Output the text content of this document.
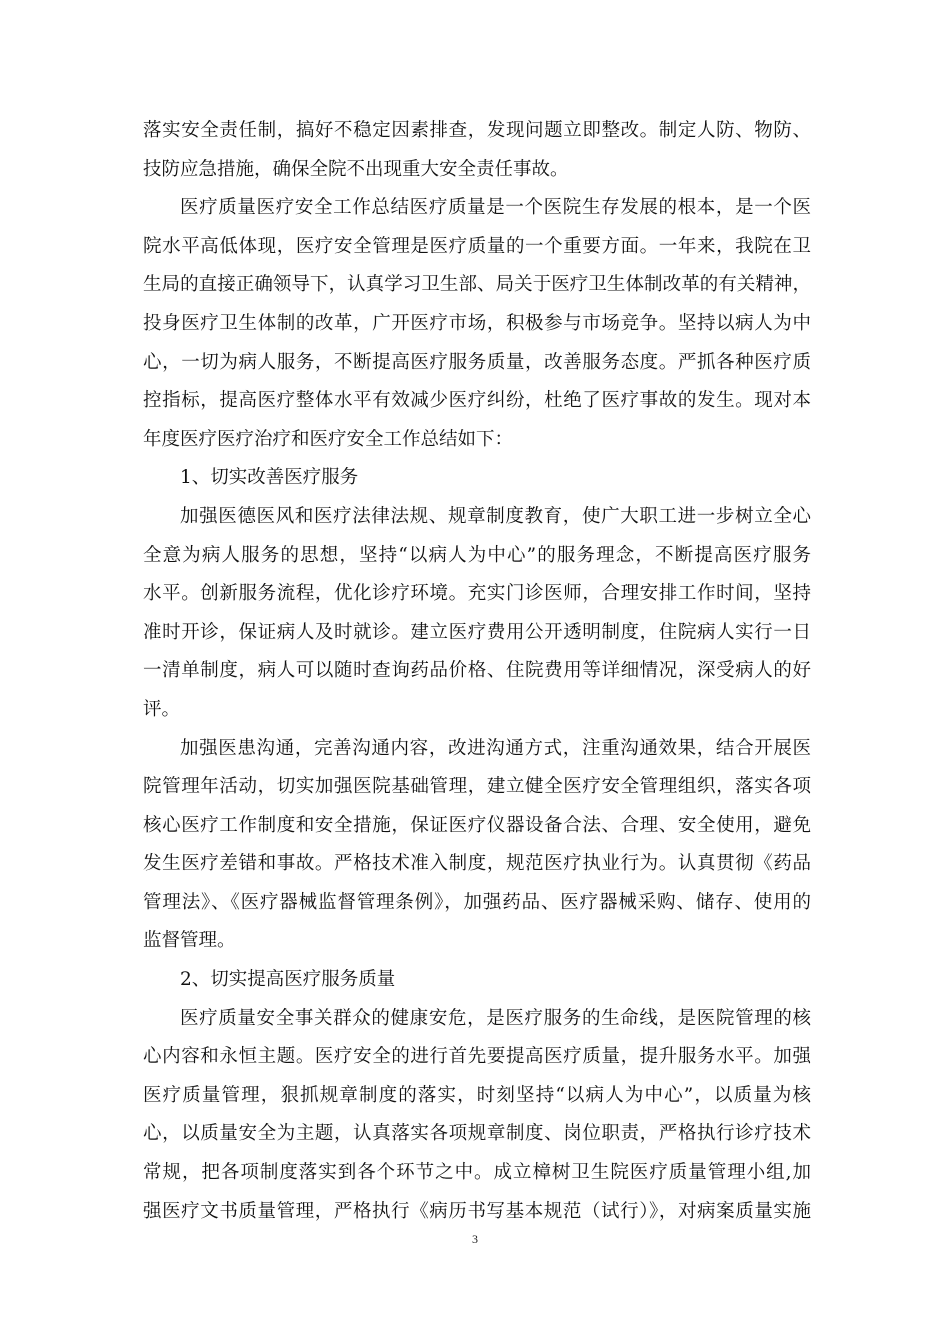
落实安全责任制，搞好不稳定因素排查，发现问题立即整改。制定人防、物防、
技防应急措施，确保全院不出现重大安全责任事故。
医疗质量医疗安全工作总结医疗质量是一个医院生存发展的根本，是一个医
院水平高低体现，医疗安全管理是医疗质量的一个重要方面。一年来，我院在卫
生局的直接正确领导下，认真学习卫生部、局关于医疗卫生体制改革的有关精神，
投身医疗卫生体制的改革，广开医疗市场，积极参与市场竞争。坚持以病人为中
心，一切为病人服务，不断提高医疗服务质量，改善服务态度。严抓各种医疗质
控指标，提高医疗整体水平有效减少医疗纠纷，杜绝了医疗事故的发生。现对本
年度医疗医疗治疗和医疗安全工作总结如下：
1、切实改善医疗服务
加强医德医风和医疗法律法规、规章制度教育，使广大职工进一步树立全心
全意为病人服务的思想，坚持“以病人为中心”的服务理念，不断提高医疗服务
水平。创新服务流程，优化诊疗环境。充实门诊医师，合理安排工作时间，坚持
准时开诊，保证病人及时就诊。建立医疗费用公开透明制度，住院病人实行一日
一清单制度，病人可以随时查询药品价格、住院费用等详细情况，深受病人的好
评。
加强医患沟通，完善沟通内容，改进沟通方式，注重沟通效果，结合开展医
院管理年活动，切实加强医院基础管理，建立健全医疗安全管理组织，落实各项
核心医疗工作制度和安全措施，保证医疗仪器设备合法、合理、安全使用，避免
发生医疗差错和事故。严格技术准入制度，规范医疗执业行为。认真贯彻《药品
管理法》、《医疗器械监督管理条例》，加强药品、医疗器械采购、储存、使用的
监督管理。
2、切实提高医疗服务质量
医疗质量安全事关群众的健康安危，是医疗服务的生命线，是医院管理的核
心内容和永恒主题。医疗安全的进行首先要提高医疗质量，提升服务水平。加强
医疗质量管理，狠抓规章制度的落实，时刻坚持“以病人为中心”，以质量为核
心，以质量安全为主题，认真落实各项规章制度、岗位职责，严格执行诊疗技术
常规，把各项制度落实到各个环节之中。成立樟树卫生院医疗质量管理小组,加
强医疗文书质量管理，严格执行《病历书写基本规范（试行）》，对病案质量实施
3
